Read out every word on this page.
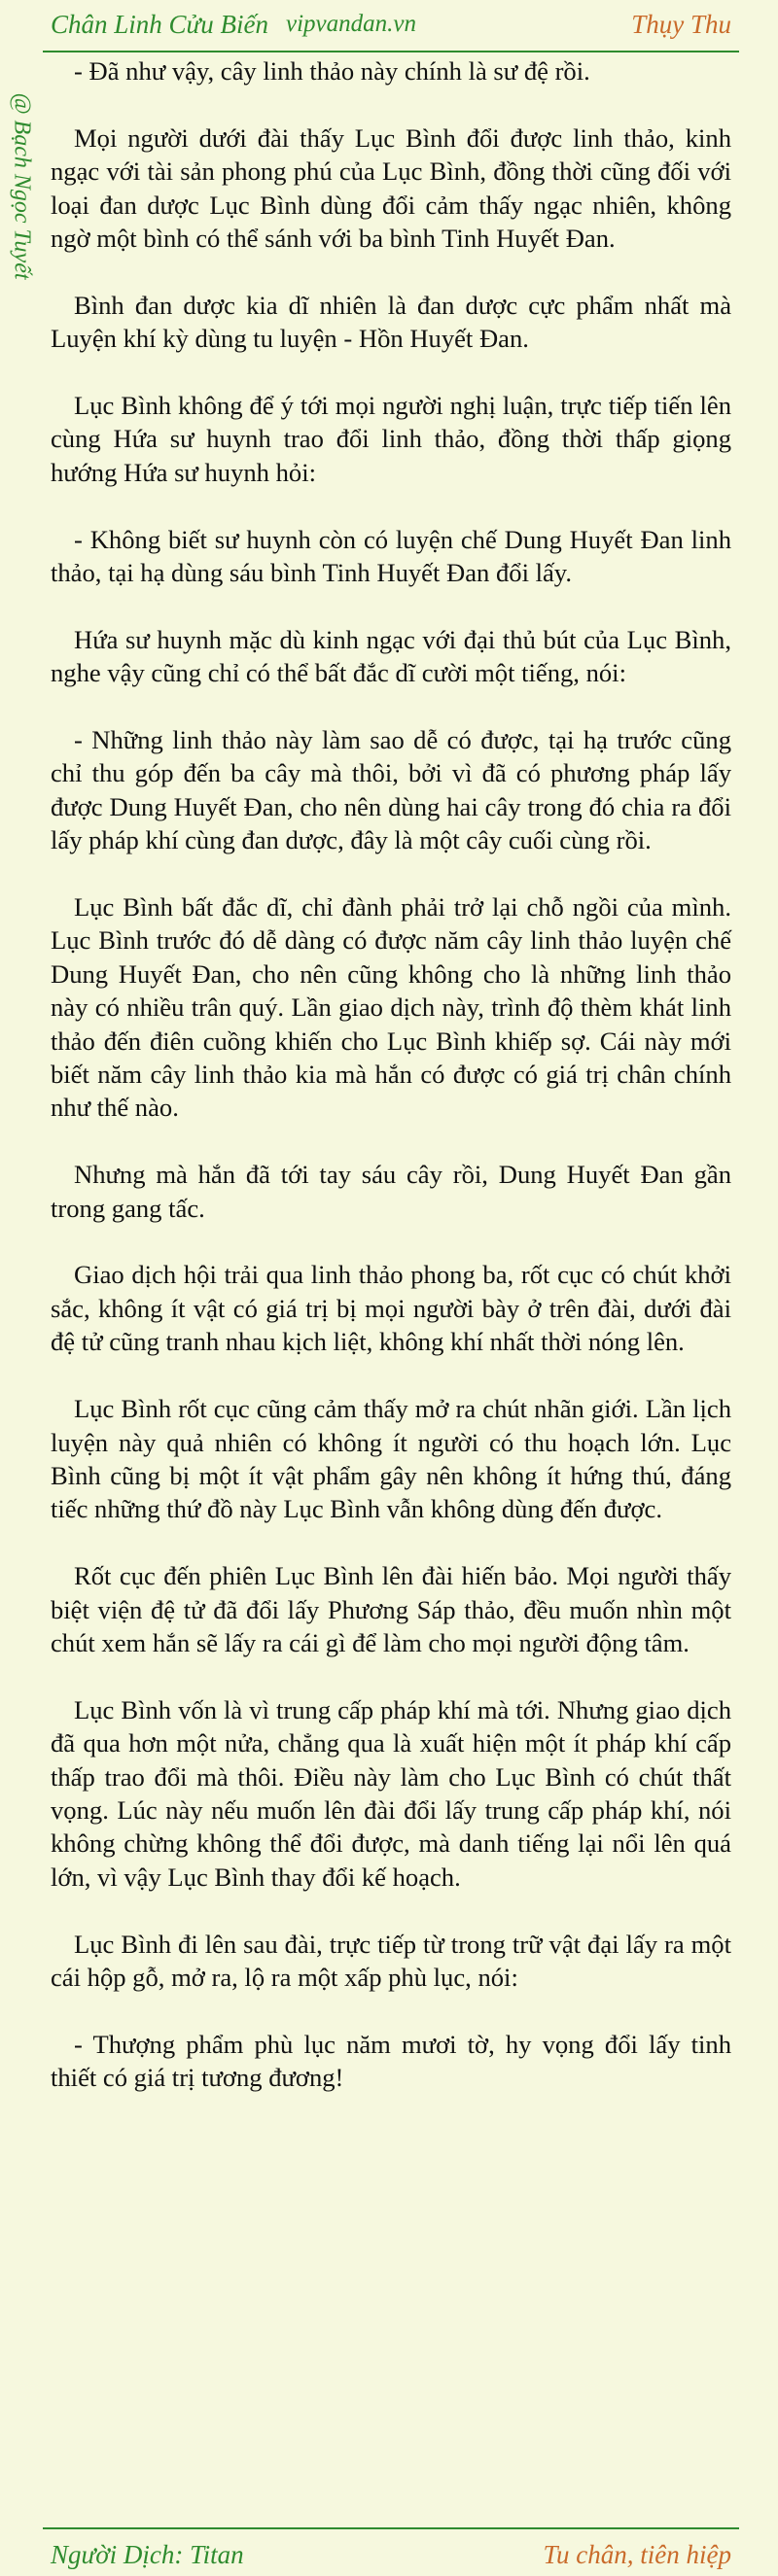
Chân Linh Cửu Biến vipvandan.vn	Thụy Thu
@ Bạch Ngọc Tuyết

- Đã như vậy, cây linh thảo này chính là sư đệ rồi.

Mọi người dưới đài thấy Lục Bình đổi được linh thảo, kinh ngạc với tài sản phong phú của Lục Bình, đồng thời cũng đối với loại đan dược Lục Bình dùng đổi cảm thấy ngạc nhiên, không ngờ một bình có thể sánh với ba bình Tinh Huyết Đan.

Bình đan dược kia dĩ nhiên là đan dược cực phẩm nhất mà Luyện khí kỳ dùng tu luyện - Hồn Huyết Đan.

Lục Bình không để ý tới mọi người nghị luận, trực tiếp tiến lên cùng Hứa sư huynh trao đổi linh thảo, đồng thời thấp giọng hướng Hứa sư huynh hỏi:

- Không biết sư huynh còn có luyện chế Dung Huyết Đan linh thảo, tại hạ dùng sáu bình Tinh Huyết Đan đổi lấy.

Hứa sư huynh mặc dù kinh ngạc với đại thủ bút của Lục Bình, nghe vậy cũng chỉ có thể bất đắc dĩ cười một tiếng, nói:

- Những linh thảo này làm sao dễ có được, tại hạ trước cũng chỉ thu góp đến ba cây mà thôi, bởi vì đã có phương pháp lấy được Dung Huyết Đan, cho nên dùng hai cây trong đó chia ra đổi lấy pháp khí cùng đan dược, đây là một cây cuối cùng rồi.

Lục Bình bất đắc dĩ, chỉ đành phải trở lại chỗ ngồi của mình. Lục Bình trước đó dễ dàng có được năm cây linh thảo luyện chế Dung Huyết Đan, cho nên cũng không cho là những linh thảo này có nhiều trân quý. Lần giao dịch này, trình độ thèm khát linh thảo đến điên cuồng khiến cho Lục Bình khiếp sợ. Cái này mới biết năm cây linh thảo kia mà hắn có được có giá trị chân chính như thế nào.

Nhưng mà hắn đã tới tay sáu cây rồi, Dung Huyết Đan gần trong gang tấc.

Giao dịch hội trải qua linh thảo phong ba, rốt cục có chút khởi sắc, không ít vật có giá trị bị mọi người bày ở trên đài, dưới đài đệ tử cũng tranh nhau kịch liệt, không khí nhất thời nóng lên.

Lục Bình rốt cục cũng cảm thấy mở ra chút nhãn giới. Lần lịch luyện này quả nhiên có không ít người có thu hoạch lớn. Lục Bình cũng bị một ít vật phẩm gây nên không ít hứng thú, đáng tiếc những thứ đồ này Lục Bình vẫn không dùng đến được.

Rốt cục đến phiên Lục Bình lên đài hiến bảo. Mọi người thấy biệt viện đệ tử đã đổi lấy Phương Sáp thảo, đều muốn nhìn một chút xem hắn sẽ lấy ra cái gì để làm cho mọi người động tâm.

Lục Bình vốn là vì trung cấp pháp khí mà tới. Nhưng giao dịch đã qua hơn một nửa, chẳng qua là xuất hiện một ít pháp khí cấp thấp trao đổi mà thôi. Điều này làm cho Lục Bình có chút thất vọng. Lúc này nếu muốn lên đài đổi lấy trung cấp pháp khí, nói không chừng không thể đổi được, mà danh tiếng lại nổi lên quá lớn, vì vậy Lục Bình thay đổi kế hoạch.

Lục Bình đi lên sau đài, trực tiếp từ trong trữ vật đại lấy ra một cái hộp gỗ, mở ra, lộ ra một xấp phù lục, nói:

- Thượng phẩm phù lục năm mươi tờ, hy vọng đổi lấy tinh thiết có giá trị tương đương!

Người Dịch: Titan	Tu chân, tiên hiệp
